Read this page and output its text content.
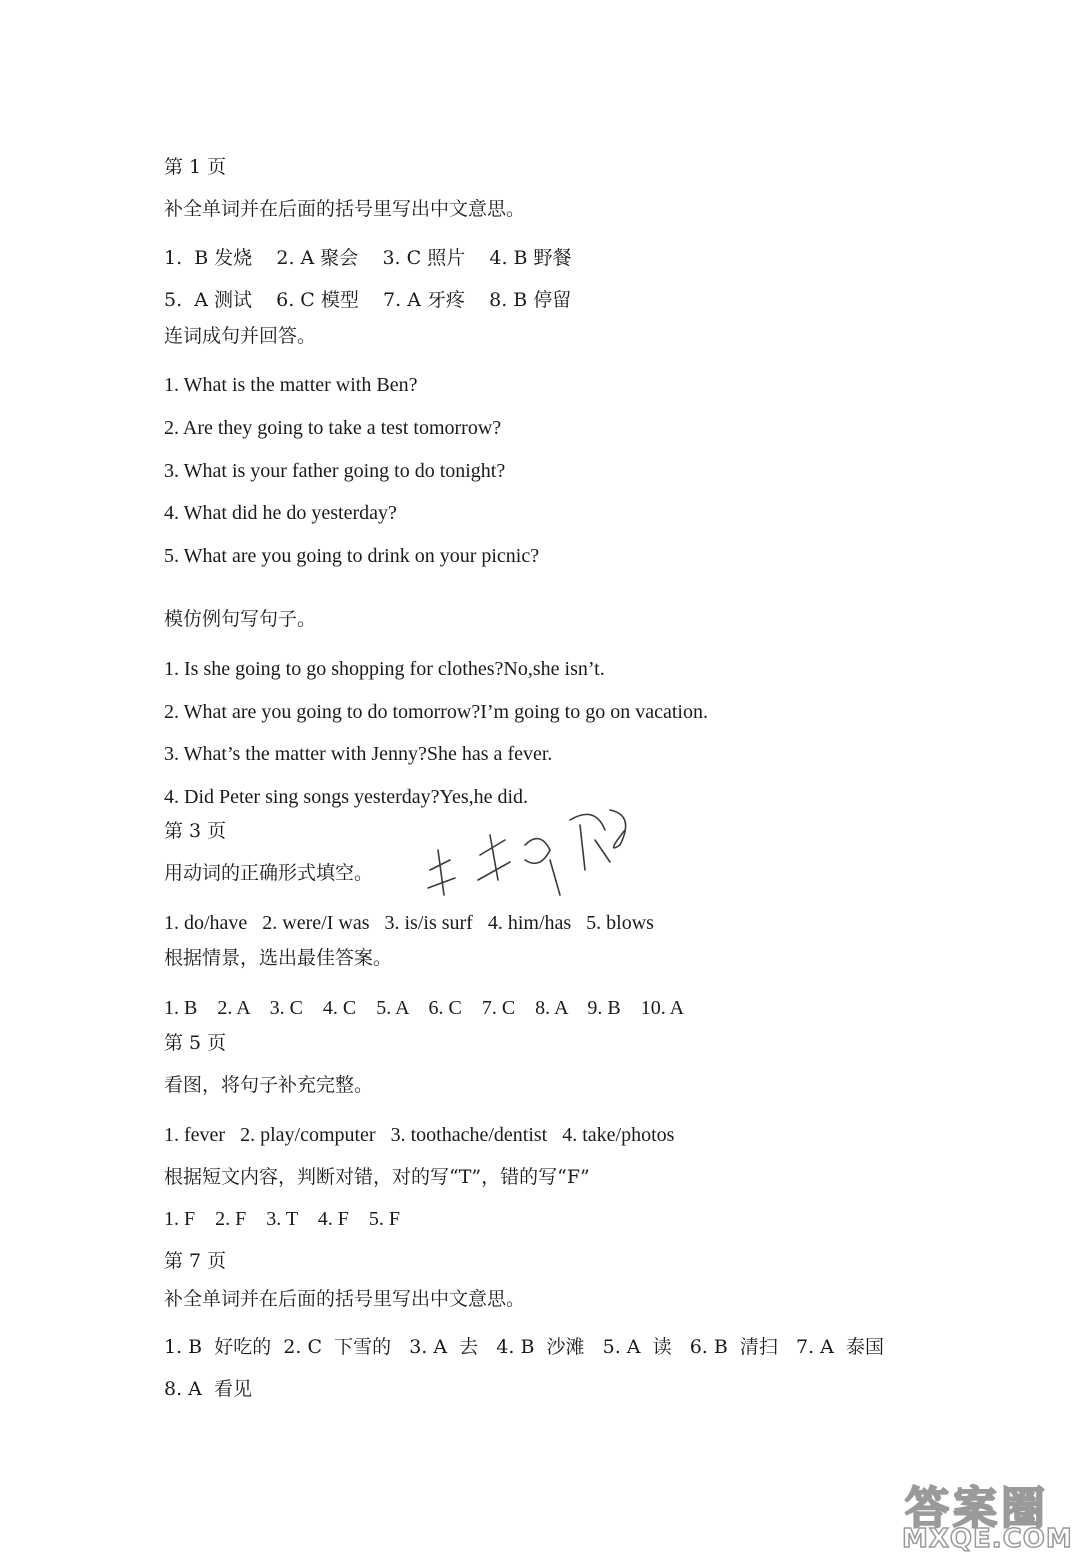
第 1 页
补全单词并在后面的括号里写出中文意思。
1.  B 发烧    2. A 聚会    3. C 照片    4. B 野餐
5.  A 测试    6. C 模型    7. A 牙疼    8. B 停留
连词成句并回答。
1. What is the matter with Ben?
2. Are they going to take a test tomorrow?
3. What is your father going to do tonight?
4. What did he do yesterday?
5. What are you going to drink on your picnic?
模仿例句写句子。
1. Is she going to go shopping for clothes?No,she isn’t.
2. What are you going to do tomorrow?I’m going to go on vacation.
3. What’s the matter with Jenny?She has a fever.
4. Did Peter sing songs yesterday?Yes,he did.
第 3 页
用动词的正确形式填空。
1. do/have   2. were/I was   3. is/is surf   4. him/has   5. blows
根据情景，选出最佳答案。
1. B    2. A    3. C    4. C    5. A    6. C    7. C    8. A    9. B    10. A
第 5 页
看图，将句子补充完整。
1. fever   2. play/computer   3. toothache/dentist   4. take/photos
根据短文内容，判断对错，对的写“T”，错的写“F”
1. F    2. F    3. T    4. F    5. F
第 7 页
补全单词并在后面的括号里写出中文意思。
1. B  好吃的  2. C  下雪的   3. A  去   4. B  沙滩   5. A  读   6. B  清扫   7. A  泰国
8. A  看见
答案圈
MXQE.COM
